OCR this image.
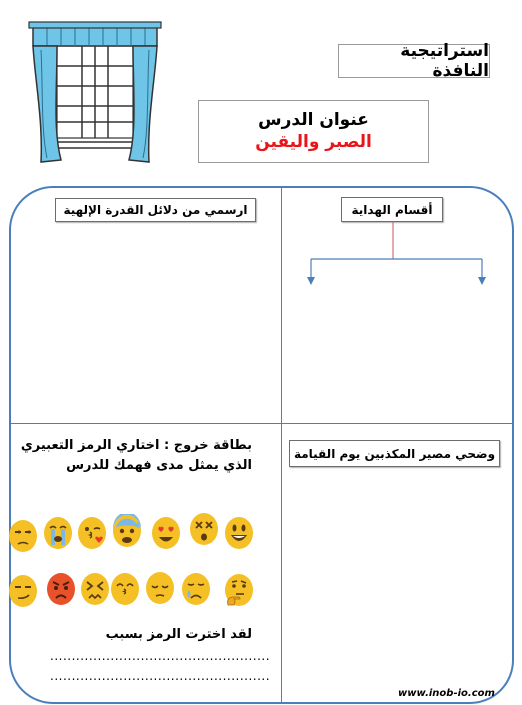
استراتيجية النافذة
عنوان الدرس
الصبر واليقين
أقسام الهداية
ارسمي من دلائل القدرة الإلهية
وضحي مصير المكذبين يوم القيامة
بطاقة خروج : اختاري الرمز التعبيري
الذي يمثل مدى فهمك للدرس
لقد اخترت الرمز بسبب
...................................................
...................................................
www.inob-io.com
